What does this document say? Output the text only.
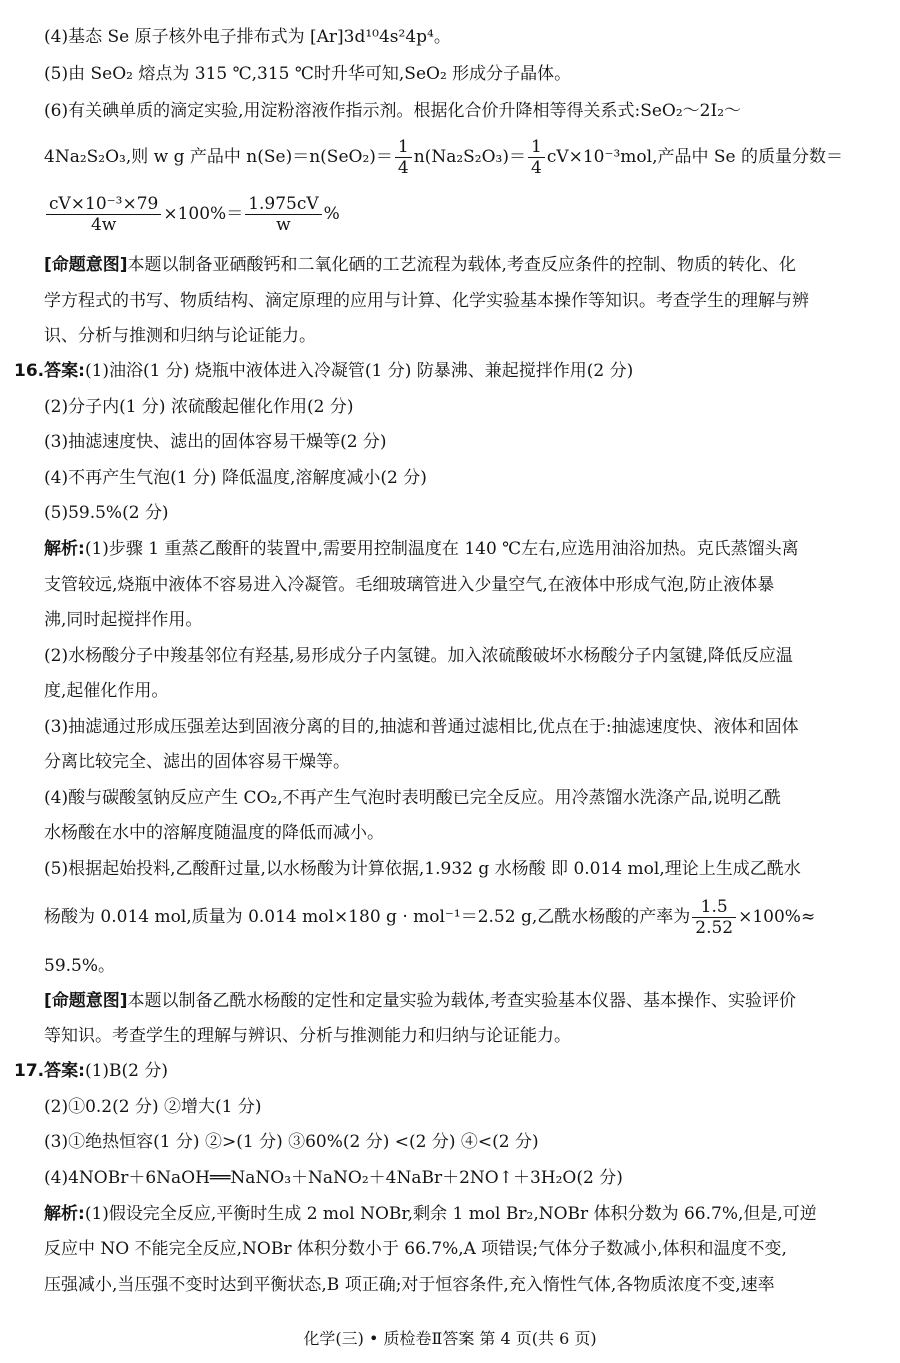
(4)基态 Se 原子核外电子排布式为 [Ar]3d¹⁰4s²4p⁴。
(5)由 SeO₂ 熔点为 315 ℃,315 ℃时升华可知,SeO₂ 形成分子晶体。
(6)有关碘单质的滴定实验,用淀粉溶液作指示剂。根据化合价升降相等得关系式:SeO₂～2I₂～
4Na₂S₂O₃,则 w g 产品中 $n(Se)=n(SeO_2)= \frac{1}{4} n(Na_2S_2O_3)= \frac{1}{4} cV\times 10^{-3}mol$,产品中 Se 的质量分数＝
$\frac{\text{cV×10⁻³×79}}{4w} \times 100\%= \frac{1.975cV}{w}$ %
[命题意图]本题以制备亚硒酸钙和二氧化硒的工艺流程为载体,考查反应条件的控制、物质的转化、化
学方程式的书写、物质结构、滴定原理的应用与计算、化学实验基本操作等知识。考查学生的理解与辨
识、分析与推测和归纳与论证能力。
16.答案:(1)油浴(1 分) 烧瓶中液体进入冷凝管(1 分) 防暴沸、兼起搅拌作用(2 分)
(2)分子内(1 分) 浓硫酸起催化作用(2 分)
(3)抽滤速度快、滤出的固体容易干燥等(2 分)
(4)不再产生气泡(1 分) 降低温度,溶解度减小(2 分)
(5)59.5%(2 分)
解析:(1)步骤 1 重蒸乙酸酐的装置中,需要用控制温度在 140 ℃左右,应选用油浴加热。克氏蒸馏头离
支管较远,烧瓶中液体不容易进入冷凝管。毛细玻璃管进入少量空气,在液体中形成气泡,防止液体暴
沸,同时起搅拌作用。
(2)水杨酸分子中羧基邻位有羟基,易形成分子内氢键。加入浓硫酸破坏水杨酸分子内氢键,降低反应温
度,起催化作用。
(3)抽滤通过形成压强差达到固液分离的目的,抽滤和普通过滤相比,优点在于:抽滤速度快、液体和固体
分离比较完全、滤出的固体容易干燥等。
(4)酸与碳酸氢钠反应产生 CO₂,不再产生气泡时表明酸已完全反应。用冷蒸馏水洗涤产品,说明乙酰
水杨酸在水中的溶解度随温度的降低而减小。
(5)根据起始投料,乙酸酐过量,以水杨酸为计算依据,1.932 g 水杨酸 即 0.014 mol,理论上生成乙酰水
杨酸为 0.014 mol,质量为 0.014 mol×180 g · mol⁻¹＝2.52 g,乙酰水杨酸的产率为 $\frac{1.5}{2.52} \times 100\%\approx$
59.5%。
[命题意图]本题以制备乙酰水杨酸的定性和定量实验为载体,考查实验基本仪器、基本操作、实验评价
等知识。考查学生的理解与辨识、分析与推测能力和归纳与论证能力。
17.答案:(1)B(2 分)
(2)①0.2(2 分) ②增大(1 分)
(3)①绝热恒容(1 分) ②>(1 分) ③60%(2 分) <(2 分) ④<(2 分)
(4)4NOBr＋6NaOH══NaNO₃＋NaNO₂＋4NaBr＋2NO↑＋3H₂O(2 分)
解析:(1)假设完全反应,平衡时生成 2 mol NOBr,剩余 1 mol Br₂,NOBr 体积分数为 66.7%,但是,可逆
反应中 NO 不能完全反应,NOBr 体积分数小于 66.7%,A 项错误;气体分子数减小,体积和温度不变,
压强减小,当压强不变时达到平衡状态,B 项正确;对于恒容条件,充入惰性气体,各物质浓度不变,速率
化学(三) • 质检卷Ⅱ答案 第 4 页(共 6 页)
